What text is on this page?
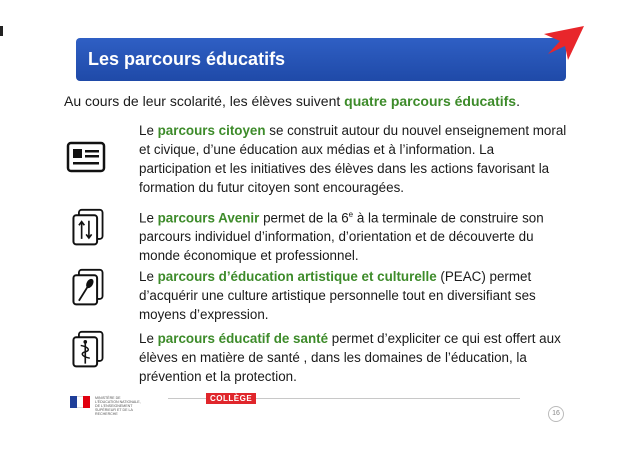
Les parcours éducatifs
Au cours de leur scolarité, les élèves suivent quatre parcours éducatifs.

Le parcours citoyen se construit autour du nouvel enseignement moral et civique, d’une éducation aux médias et à l’information. La participation et les initiatives des élèves dans les actions favorisant la formation du futur citoyen sont encouragées.

Le parcours Avenir permet de la 6e à la terminale de construire son parcours individuel d’information, d’orientation et de découverte du monde économique et professionnel.

Le parcours d’éducation artistique et culturelle (PEAC) permet d’acquérir une culture artistique personnelle tout en diversifiant ses moyens d’expression.

Le parcours éducatif de santé permet d’expliciter ce qui est offert aux élèves en matière de santé , dans les domaines de l’éducation, la prévention et la protection.

MINISTÈRE DE L'ÉDUCATION NATIONALE, DE L'ENSEIGNEMENT SUPÉRIEUR ET DE LA RECHERCHE
COLLÈGE
16
